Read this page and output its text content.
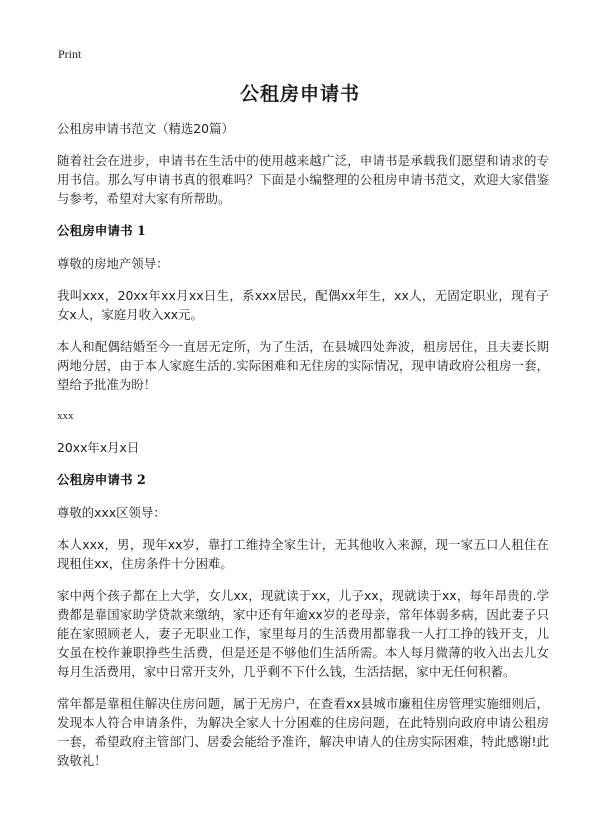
Print
公租房申请书

公租房申请书范文（精选20篇）

随着社会在进步，申请书在生活中的使用越来越广泛，申请书是承载我们愿望和请求的专用书信。那么写申请书真的很难吗？下面是小编整理的公租房申请书范文，欢迎大家借鉴与参考，希望对大家有所帮助。

公租房申请书 1

尊敬的房地产领导：

我叫xxx，20xx年xx月xx日生，系xxx居民，配偶xx年生，xx人，无固定职业，现有子女x人，家庭月收入xx元。

本人和配偶结婚至今一直居无定所，为了生活，在县城四处奔波，租房居住，且夫妻长期两地分居，由于本人家庭生活的.实际困难和无住房的实际情况，现申请政府公租房一套，望给予批准为盼！

xxx

20xx年x月x日

公租房申请书 2

尊敬的xxx区领导：

本人xxx，男，现年xx岁，靠打工维持全家生计，无其他收入来源，现一家五口人租住在现租住xx，住房条件十分困难。

家中两个孩子都在上大学，女儿xx，现就读于xx，儿子xx，现就读于xx，每年昂贵的.学费都是靠国家助学贷款来缴纳，家中还有年逾xx岁的老母亲，常年体弱多病，因此妻子只能在家照顾老人，妻子无职业工作，家里每月的生活费用都靠我一人打工挣的钱开支，儿女虽在校作兼职挣些生活费，但是还是不够他们生活所需。本人每月微薄的收入出去儿女每月生活费用，家中日常开支外，几乎剩不下什么钱，生活拮据，家中无任何积蓄。

常年都是靠租住解决住房问题，属于无房户，在查看xx县城市廉租住房管理实施细则后，发现本人符合申请条件，为解决全家人十分困难的住房问题，在此特别向政府申请公租房一套，希望政府主管部门、居委会能给予准许，解决申请人的住房实际困难，特此感谢!此致敬礼！
